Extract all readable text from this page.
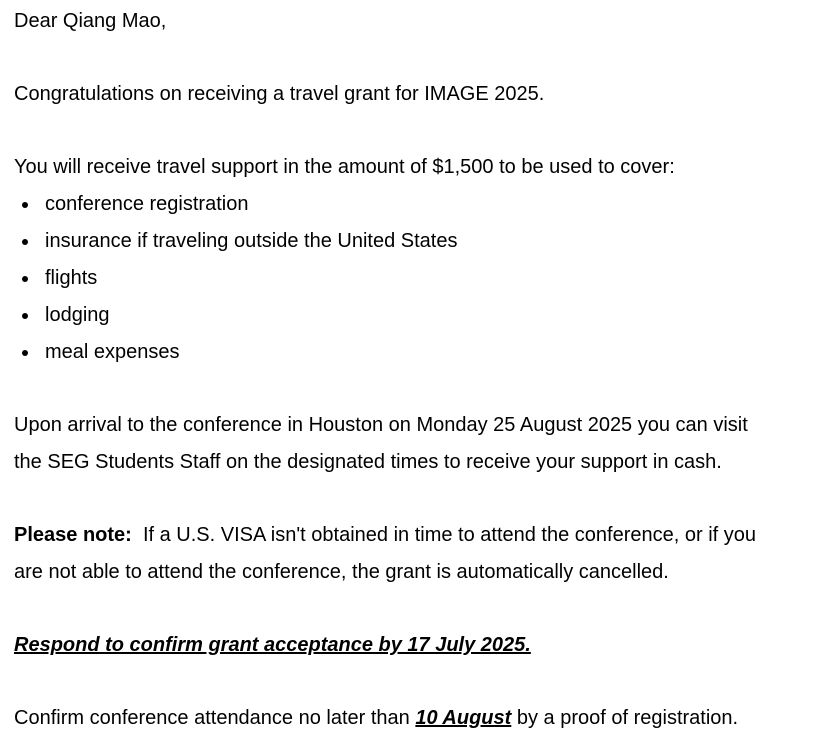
Dear Qiang Mao,

Congratulations on receiving a travel grant for IMAGE 2025.

You will receive travel support in the amount of $1,500 to be used to cover:

• conference registration
• insurance if traveling outside the United States
• flights
• lodging
• meal expenses

Upon arrival to the conference in Houston on Monday 25 August 2025 you can visit the SEG Students Staff on the designated times to receive your support in cash.

Please note:  If a U.S. VISA isn't obtained in time to attend the conference, or if you are not able to attend the conference, the grant is automatically cancelled.

Respond to confirm grant acceptance by 17 July 2025.

Confirm conference attendance no later than 10 August by a proof of registration.
